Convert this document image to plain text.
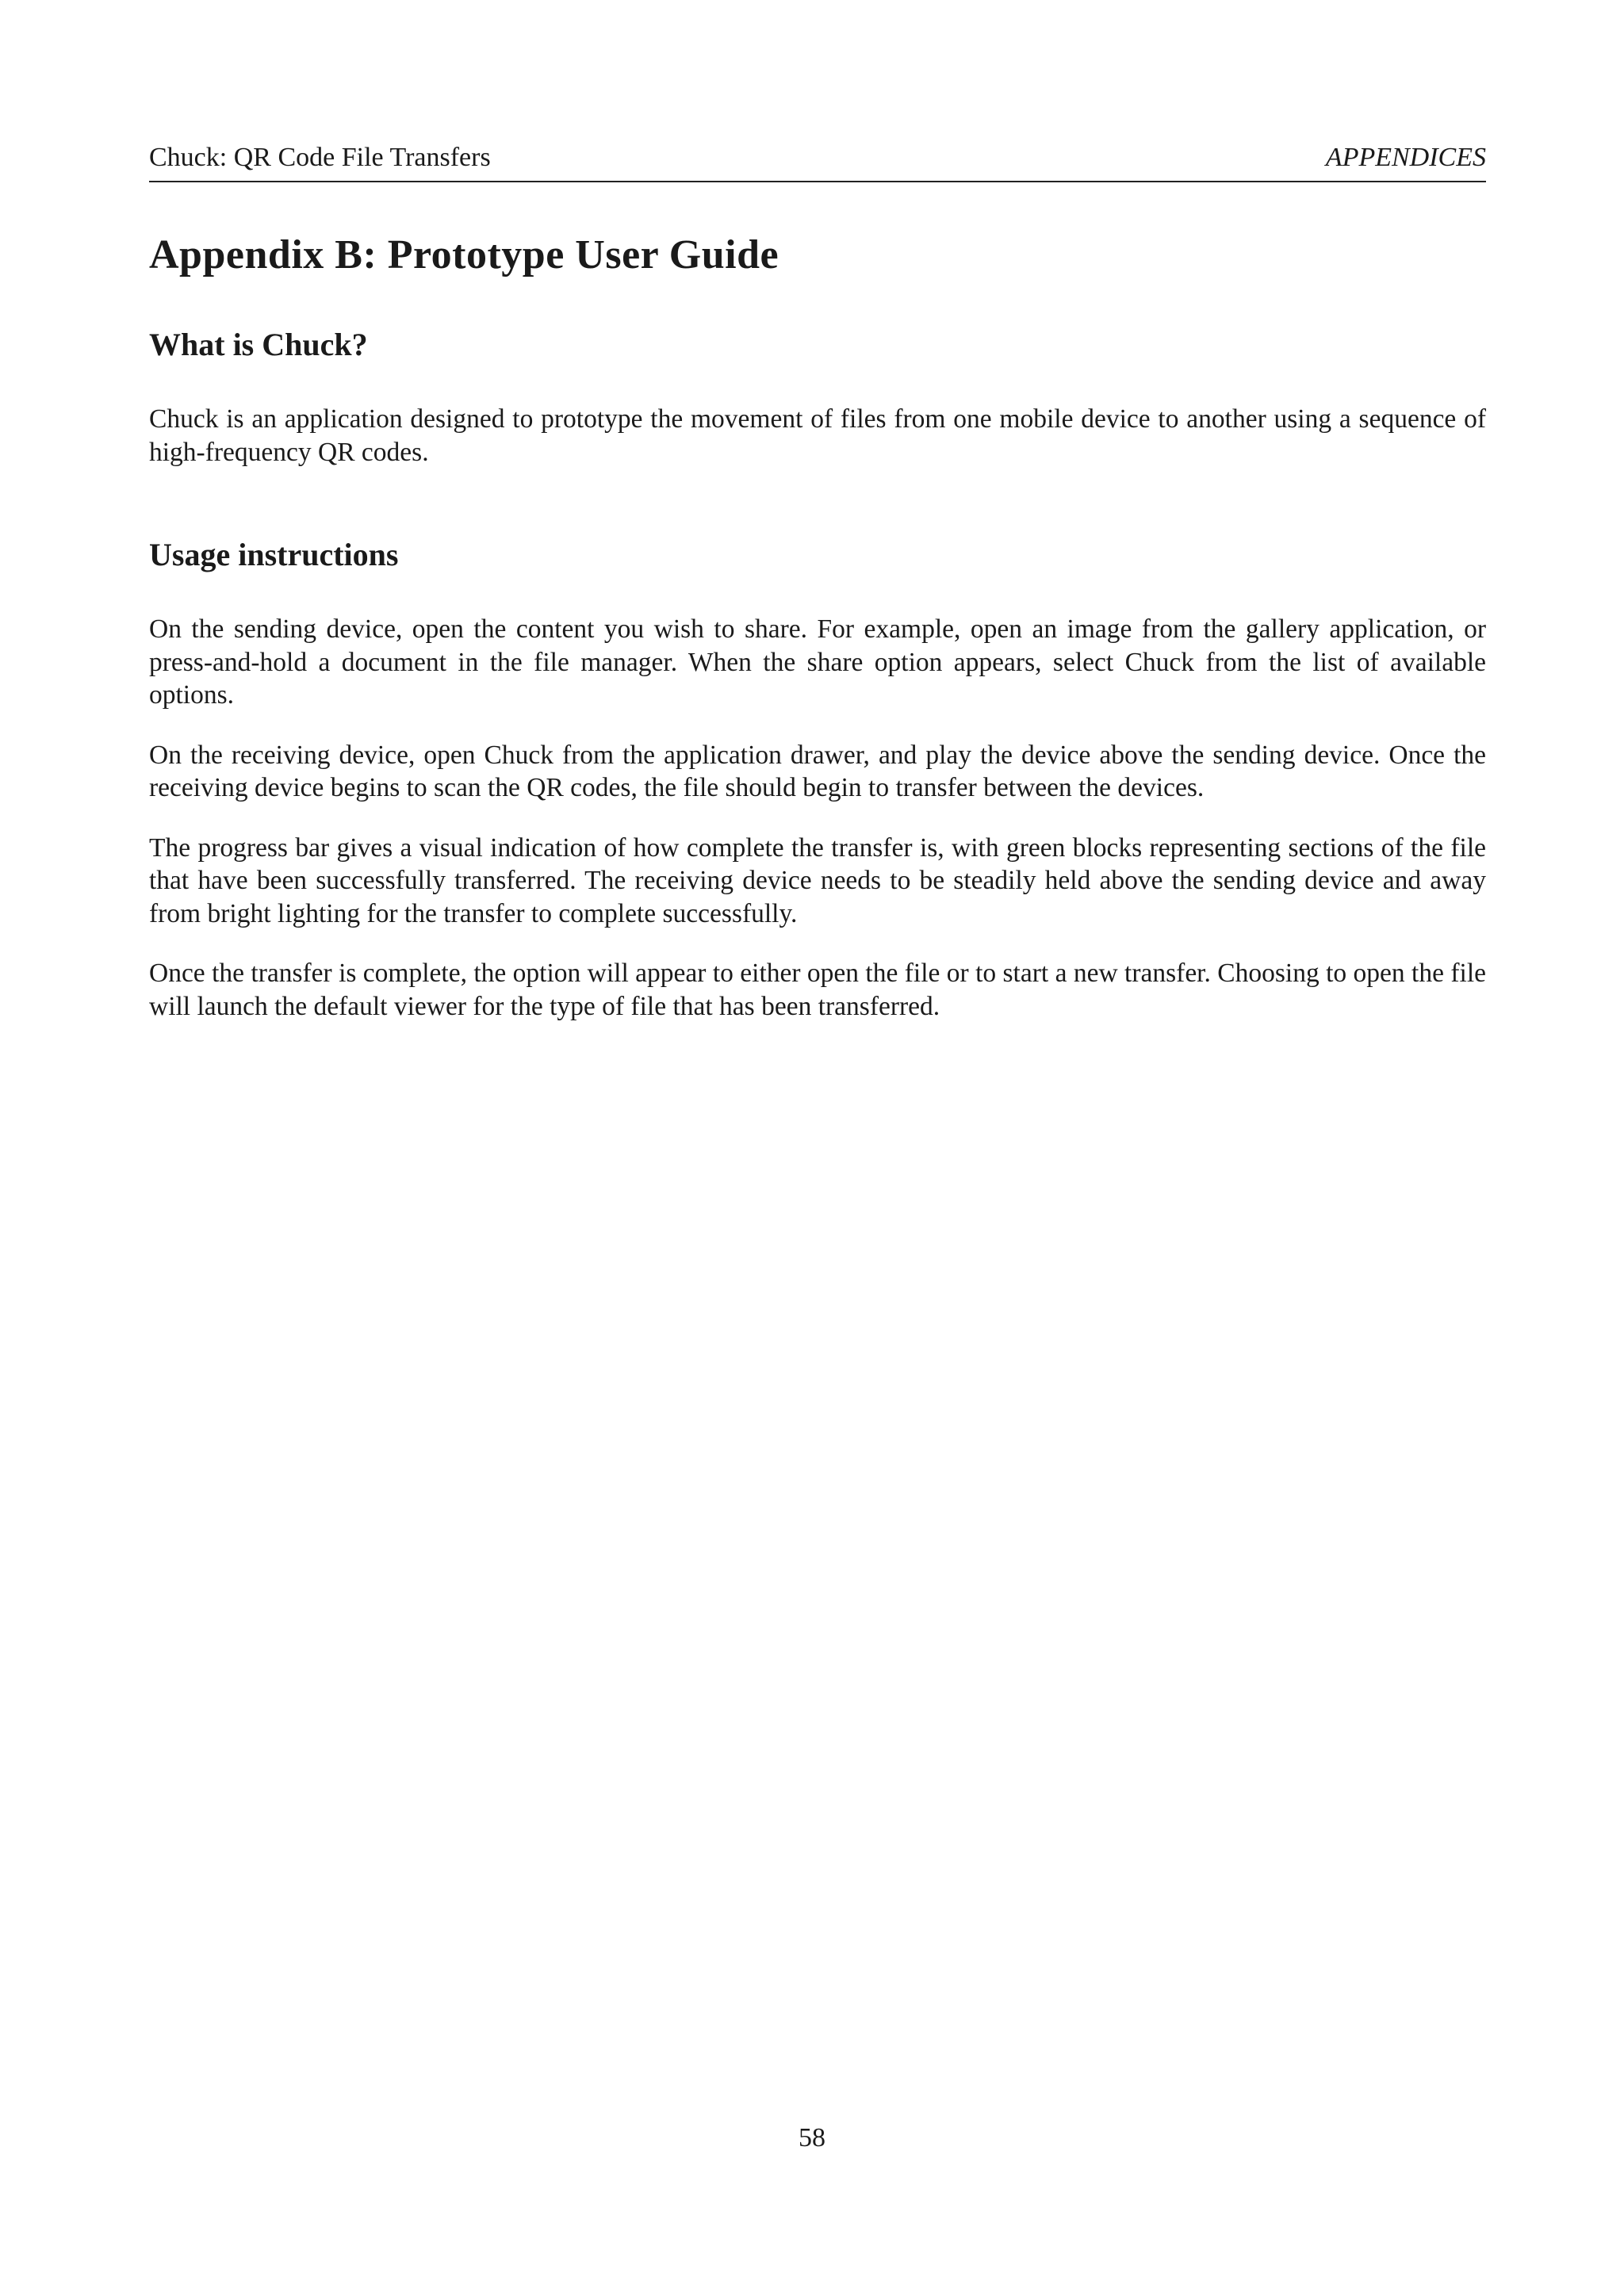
Chuck: QR Code File Transfers	APPENDICES
Appendix B: Prototype User Guide
What is Chuck?

Chuck is an application designed to prototype the movement of files from one mobile device to another using a sequence of high-frequency QR codes.

Usage instructions

On the sending device, open the content you wish to share. For example, open an image from the gallery application, or press-and-hold a document in the file manager. When the share option appears, select Chuck from the list of available options.

On the receiving device, open Chuck from the application drawer, and play the device above the sending device. Once the receiving device begins to scan the QR codes, the file should begin to transfer between the devices.

The progress bar gives a visual indication of how complete the transfer is, with green blocks representing sections of the file that have been successfully transferred. The receiving device needs to be steadily held above the sending device and away from bright lighting for the transfer to complete successfully.

Once the transfer is complete, the option will appear to either open the file or to start a new transfer. Choosing to open the file will launch the default viewer for the type of file that has been transferred.

58
